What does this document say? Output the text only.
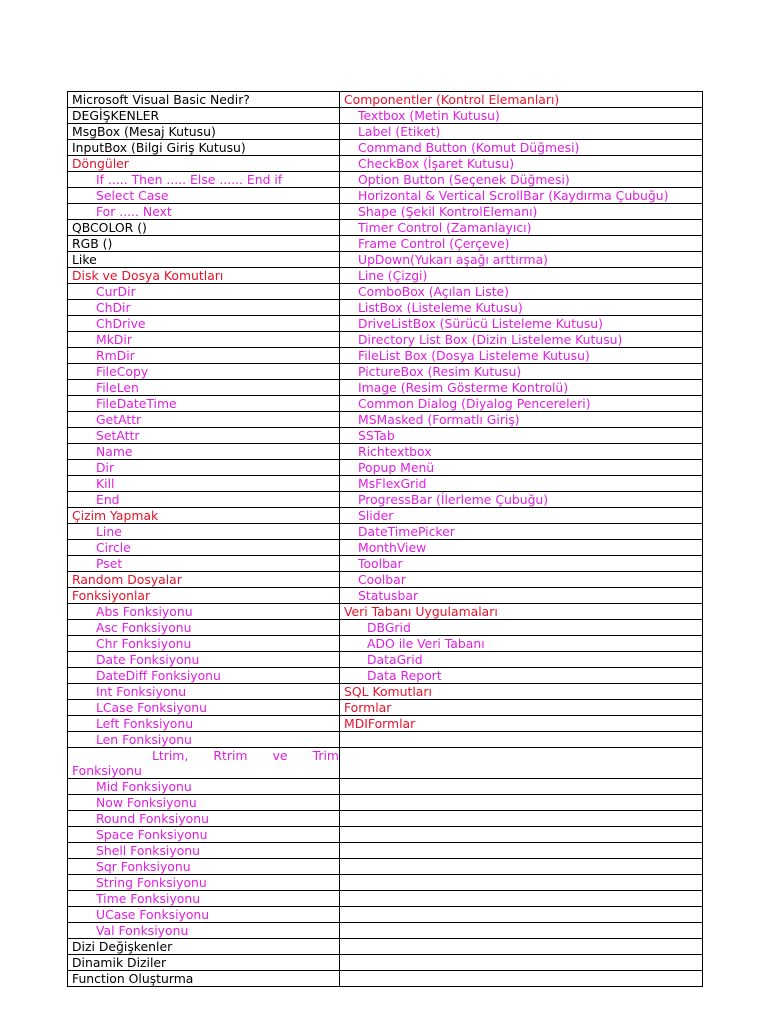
Microsoft Visual Basic Nedir?	Componentler (Kontrol Elemanları)
DEGİŞKENLER	Textbox (Metin Kutusu)
MsgBox (Mesaj Kutusu)	Label (Etiket)
InputBox (Bilgi Giriş Kutusu)	Command Button (Komut Düğmesi)
Döngüler	CheckBox (İşaret Kutusu)
If ..... Then ..... Else ...... End if	Option Button (Seçenek Düğmesi)
Select Case	Horizontal & Vertical ScrollBar (Kaydırma Çubuğu)
For ..... Next	Shape (Şekil KontrolElemanı)
QBCOLOR ()	Timer Control (Zamanlayıcı)
RGB ()	Frame Control (Çerçeve)
Like	UpDown(Yukarı aşağı arttırma)
Disk ve Dosya Komutları	Line (Çizgi)
CurDir	ComboBox (Açılan Liste)
ChDir	ListBox (Listeleme Kutusu)
ChDrive	DriveListBox (Sürücü Listeleme Kutusu)
MkDir	Directory List Box (Dizin Listeleme Kutusu)
RmDir	FileList Box (Dosya Listeleme Kutusu)
FileCopy	PictureBox (Resim Kutusu)
FileLen	Image (Resim Gösterme Kontrolü)
FileDateTime	Common Dialog (Diyalog Pencereleri)
GetAttr	MSMasked (Formatlı Giriş)
SetAttr	SSTab
Name	Richtextbox
Dir	Popup Menü
Kill	MsFlexGrid
End	ProgressBar (İlerleme Çubuğu)
Çizim Yapmak	Slider
Line	DateTimePicker
Circle	MonthView
Pset	Toolbar
Random Dosyalar	Coolbar
Fonksiyonlar	Statusbar
Abs Fonksiyonu	Veri Tabanı Uygulamaları
Asc Fonksiyonu	DBGrid
Chr Fonksiyonu	ADO ile Veri Tabanı
Date Fonksiyonu	DataGrid
DateDiff Fonksiyonu	Data Report
Int Fonksiyonu	SQL Komutları
LCase Fonksiyonu	Formlar
Left Fonksiyonu	MDIFormlar
Len Fonksiyonu	
Ltrim, Rtrim ve Trim Fonksiyonu	
Mid Fonksiyonu	
Now Fonksiyonu	
Round Fonksiyonu	
Space Fonksiyonu	
Shell Fonksiyonu	
Sqr Fonksiyonu	
String Fonksiyonu	
Time Fonksiyonu	
UCase Fonksiyonu	
Val Fonksiyonu	
Dizi Değişkenler	
Dinamik Diziler	
Function Oluşturma	
